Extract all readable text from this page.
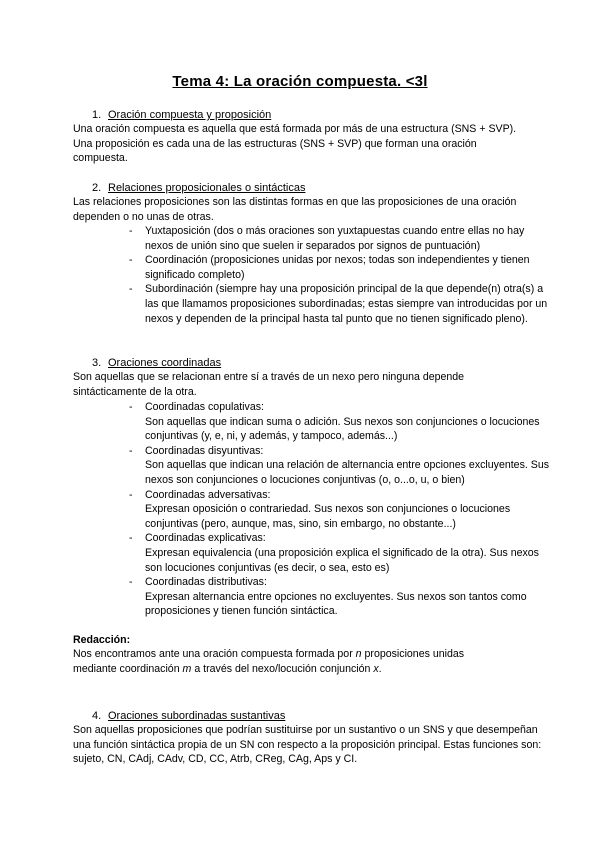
Tema 4: La oración compuesta. <3l
1. Oración compuesta y proposición
Una oración compuesta es aquella que está formada por más de una estructura (SNS + SVP). Una proposición es cada una de las estructuras (SNS + SVP) que forman una oración compuesta.
2. Relaciones proposicionales o sintácticas
Las relaciones proposiciones son las distintas formas en que las proposiciones de una oración dependen o no unas de otras.
- Yuxtaposición (dos o más oraciones son yuxtapuestas cuando entre ellas no hay nexos de unión sino que suelen ir separados por signos de puntuación)
- Coordinación (proposiciones unidas por nexos; todas son independientes y tienen significado completo)
- Subordinación (siempre hay una proposición principal de la que depende(n) otra(s) a las que llamamos proposiciones subordinadas; estas siempre van introducidas por un nexos y dependen de la principal hasta tal punto que no tienen significado pleno).
3. Oraciones coordinadas
Son aquellas que se relacionan entre sí a través de un nexo pero ninguna depende sintácticamente de la otra.
- Coordinadas copulativas:
Son aquellas que indican suma o adición. Sus nexos son conjunciones o locuciones conjuntivas (y, e, ni, y además, y tampoco, además...)
- Coordinadas disyuntivas:
Son aquellas que indican una relación de alternancia entre opciones excluyentes. Sus nexos son conjunciones o locuciones conjuntivas (o, o...o, u, o bien)
- Coordinadas adversativas:
Expresan oposición o contrariedad. Sus nexos son conjunciones o locuciones conjuntivas (pero, aunque, mas, sino, sin embargo, no obstante...)
- Coordinadas explicativas:
Expresan equivalencia (una proposición explica el significado de la otra). Sus nexos son locuciones conjuntivas (es decir, o sea, esto es)
- Coordinadas distributivas:
Expresan alternancia entre opciones no excluyentes. Sus nexos son tantos como proposiciones y tienen función sintáctica.
Redacción:
Nos encontramos ante una oración compuesta formada por n proposiciones unidas
mediante coordinación m a través del nexo/locución conjunción x.
4. Oraciones subordinadas sustantivas
Son aquellas proposiciones que podrían sustituirse por un sustantivo o un SNS y que desempeñan una función sintáctica propia de un SN con respecto a la proposición principal. Estas funciones son: sujeto, CN, CAdj, CAdv, CD, CC, Atrb, CReg, CAg, Aps y CI.
